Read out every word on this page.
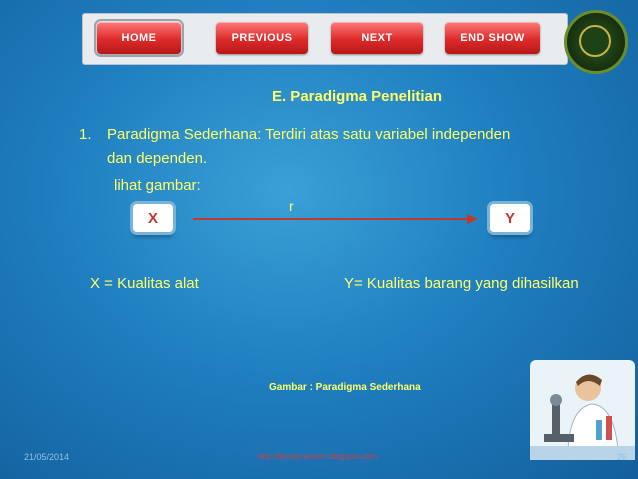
HOME	PREVIOUS	NEXT	END SHOW
E. Paradigma Penelitian
1. Paradigma Sederhana: Terdiri atas satu variabel independen
dan dependen.
lihat gambar:
X	Y
r
X = Kualitas alat	Y= Kualitas barang yang dihasilkan
Gambar : Paradigma Sederhana
21/05/2014	http://bisnistrainerin.blogspot.com	26
